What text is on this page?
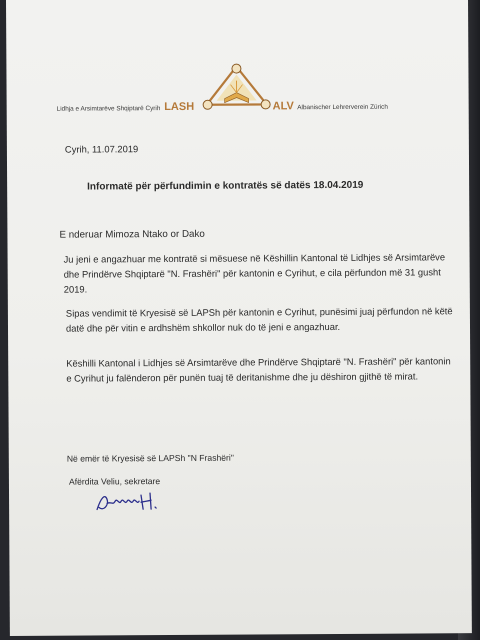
Lidhja e Arsimtarëve Shqiptarë Cyrih LASH	ALV Albanischer Lehrerverein Zürich
Cyrih, 11.07.2019
Informatë për përfundimin e kontratës së datës 18.04.2019
E nderuar Mimoza Ntako or Dako
Ju jeni e angazhuar me kontratë si mësuese në Këshillin Kantonal të Lidhjes së Arsimtarëve dhe Prindërve Shqiptarë "N. Frashëri" për kantonin e Cyrihut, e cila përfundon më 31 gusht 2019.
Sipas vendimit të Kryesisë së LAPSh për kantonin e Cyrihut, punësimi juaj përfundon në këtë datë dhe për vitin e ardhshëm shkollor nuk do të jeni e angazhuar.
Këshilli Kantonal i Lidhjes së Arsimtarëve dhe Prindërve Shqiptarë "N. Frashëri" për kantonin e Cyrihut ju falënderon për punën tuaj të deritanishme dhe ju dëshiron gjithë të mirat.
Në emër të Kryesisë së LAPSh "N Frashëri"
Afërdita Veliu, sekretare
